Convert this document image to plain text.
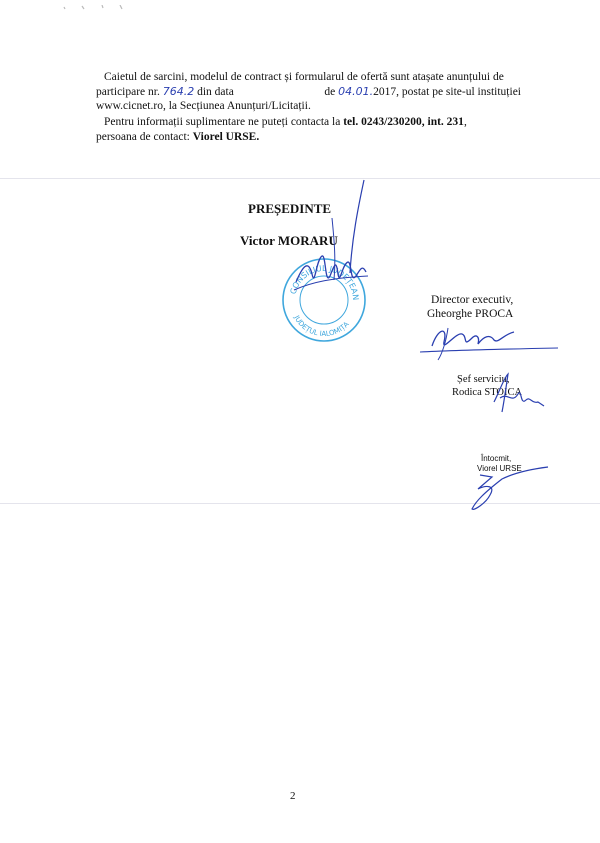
Caietul de sarcini, modelul de contract și formularul de ofertă sunt atașate anunțului de
participare nr. 764.2 din data	de 04.01.2017, postat pe site-ul instituției
www.cicnet.ro, la Secțiunea Anunțuri/Licitații.
Pentru informații suplimentare ne puteți contacta la tel. 0243/230200, int. 231,
persoana de contact: Viorel URSE.
PREȘEDINTE
Victor MORARU
CONSILIUL JUDEȚEAN
JUDEȚUL IALOMIȚA
Director executiv,
Gheorghe PROCA
Șef serviciu,
Rodica STOICA
Întocmit,
Viorel URSE
2
